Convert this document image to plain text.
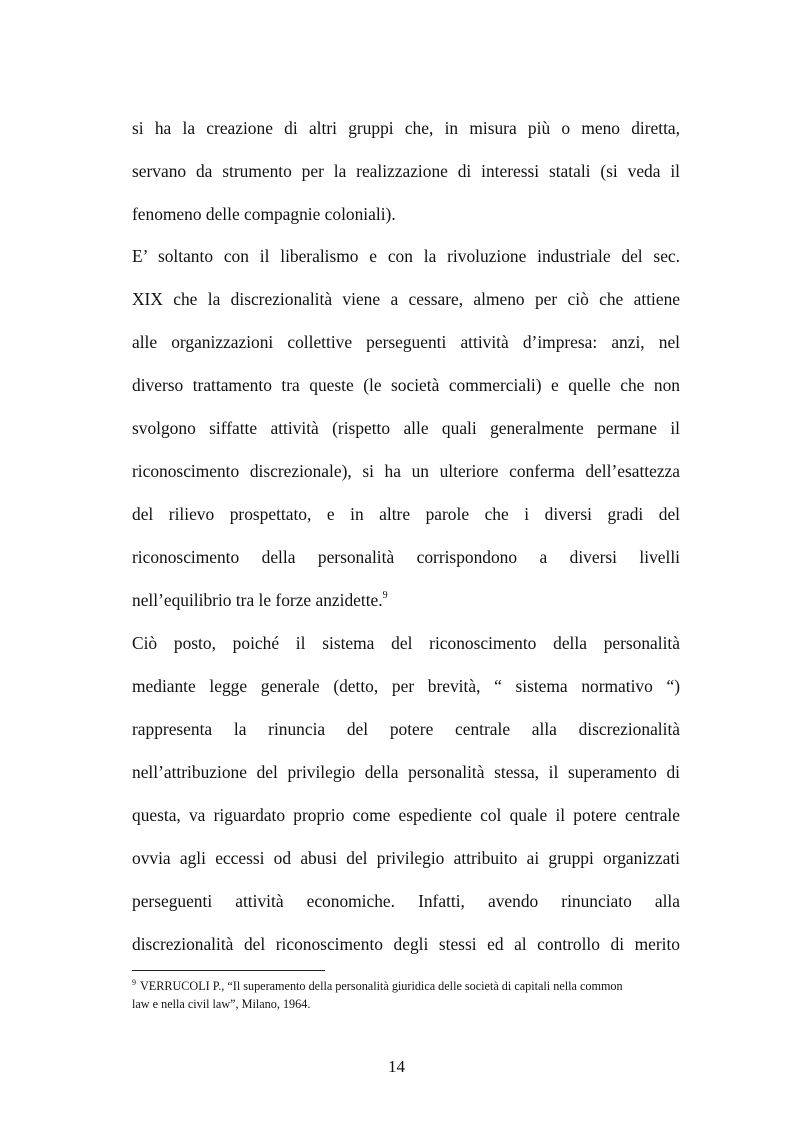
si ha la creazione di altri gruppi che, in misura più o meno diretta,
servano da strumento per la realizzazione di interessi statali (si veda il
fenomeno delle compagnie coloniali).
E’ soltanto con il liberalismo e con la rivoluzione industriale del sec.
XIX che la discrezionalità viene a cessare, almeno per ciò che attiene
alle organizzazioni collettive perseguenti attività d’impresa: anzi, nel
diverso trattamento tra queste (le società commerciali) e quelle che non
svolgono siffatte attività (rispetto alle quali generalmente permane il
riconoscimento discrezionale), si ha un ulteriore conferma dell’esattezza
del rilievo prospettato, e in altre parole che i diversi gradi del
riconoscimento della personalità corrispondono a diversi livelli
nell’equilibrio tra le forze anzidette.$^9$
Ciò posto, poiché il sistema del riconoscimento della personalità
mediante legge generale (detto, per brevità, “ sistema normativo “)
rappresenta la rinuncia del potere centrale alla discrezionalità
nell’attribuzione del privilegio della personalità stessa, il superamento di
questa, va riguardato proprio come espediente col quale il potere centrale
ovvia agli eccessi od abusi del privilegio attribuito ai gruppi organizzati
perseguenti attività economiche. Infatti, avendo rinunciato alla
discrezionalità del riconoscimento degli stessi ed al controllo di merito
$^9$ VERRUCOLI P., “Il superamento della personalità giuridica delle società di capitali nella common
law e nella civil law”, Milano, 1964.
14
